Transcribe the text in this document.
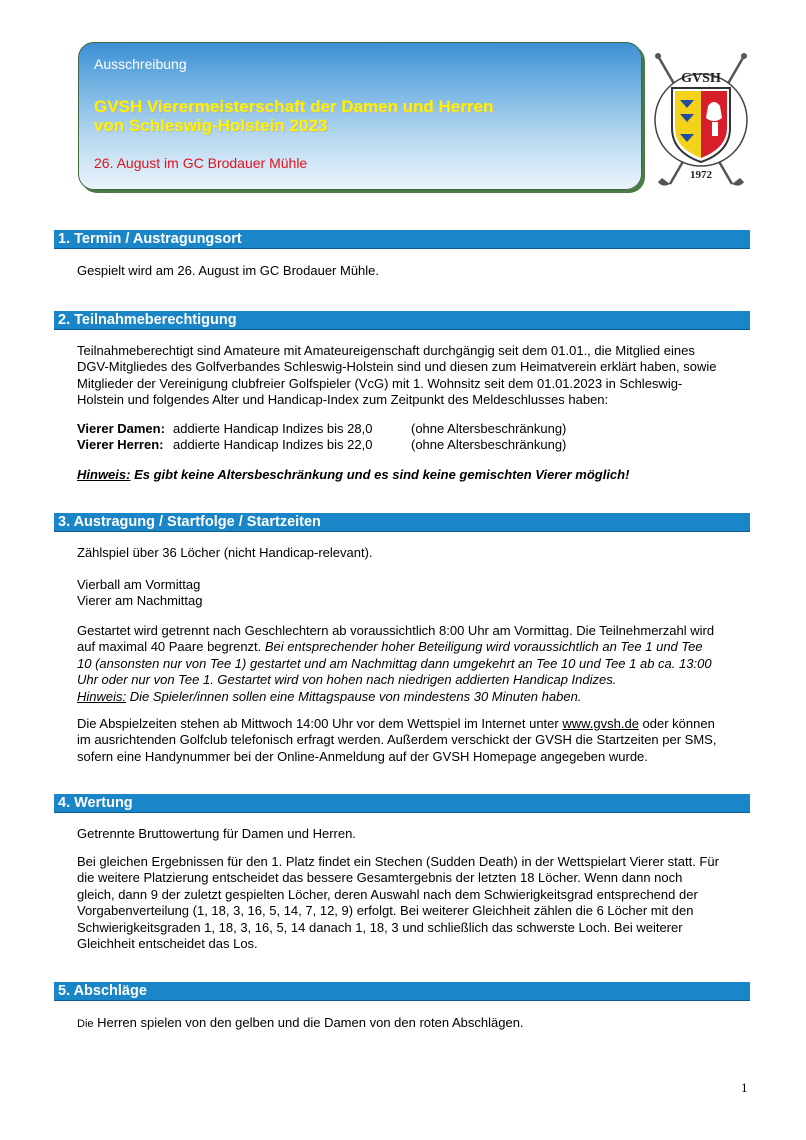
Ausschreibung
GVSH Vierermeisterschaft der Damen und Herren
von Schleswig-Holstein 2023
26. August im GC Brodauer Mühle
GVSH
1972
1. Termin / Austragungsort
Gespielt wird am 26. August im GC Brodauer Mühle.
2. Teilnahmeberechtigung
Teilnahmeberechtigt sind Amateure mit Amateureigenschaft durchgängig seit dem 01.01., die Mitglied eines
DGV-Mitgliedes des Golfverbandes Schleswig-Holstein sind und diesen zum Heimatverein erklärt haben, sowie
Mitglieder der Vereinigung clubfreier Golfspieler (VcG) mit 1. Wohnsitz seit dem 01.01.2023 in Schleswig-
Holstein und folgendes Alter und Handicap-Index zum Zeitpunkt des Meldeschlusses haben:
Vierer Damen: addierte Handicap Indizes bis 28,0	(ohne Altersbeschränkung)
Vierer Herren: addierte Handicap Indizes bis 22,0	(ohne Altersbeschränkung)
Hinweis: Es gibt keine Altersbeschränkung und es sind keine gemischten Vierer möglich!
3. Austragung / Startfolge / Startzeiten
Zählspiel über 36 Löcher (nicht Handicap-relevant).
Vierball am Vormittag
Vierer am Nachmittag
Gestartet wird getrennt nach Geschlechtern ab voraussichtlich 8:00 Uhr am Vormittag. Die Teilnehmerzahl wird
auf maximal 40 Paare begrenzt. Bei entsprechender hoher Beteiligung wird voraussichtlich an Tee 1 und Tee
10 (ansonsten nur von Tee 1) gestartet und am Nachmittag dann umgekehrt an Tee 10 und Tee 1 ab ca. 13:00
Uhr oder nur von Tee 1. Gestartet wird von hohen nach niedrigen addierten Handicap Indizes.
Hinweis: Die Spieler/innen sollen eine Mittagspause von mindestens 30 Minuten haben.
Die Abspielzeiten stehen ab Mittwoch 14:00 Uhr vor dem Wettspiel im Internet unter www.gvsh.de oder können
im ausrichtenden Golfclub telefonisch erfragt werden. Außerdem verschickt der GVSH die Startzeiten per SMS,
sofern eine Handynummer bei der Online-Anmeldung auf der GVSH Homepage angegeben wurde.
4. Wertung
Getrennte Bruttowertung für Damen und Herren.
Bei gleichen Ergebnissen für den 1. Platz findet ein Stechen (Sudden Death) in der Wettspielart Vierer statt. Für
die weitere Platzierung entscheidet das bessere Gesamtergebnis der letzten 18 Löcher. Wenn dann noch
gleich, dann 9 der zuletzt gespielten Löcher, deren Auswahl nach dem Schwierigkeitsgrad entsprechend der
Vorgabenverteilung (1, 18, 3, 16, 5, 14, 7, 12, 9) erfolgt. Bei weiterer Gleichheit zählen die 6 Löcher mit den
Schwierigkeitsgraden 1, 18, 3, 16, 5, 14 danach 1, 18, 3 und schließlich das schwerste Loch. Bei weiterer
Gleichheit entscheidet das Los.
5. Abschläge
Die Herren spielen von den gelben und die Damen von den roten Abschlägen.
1
